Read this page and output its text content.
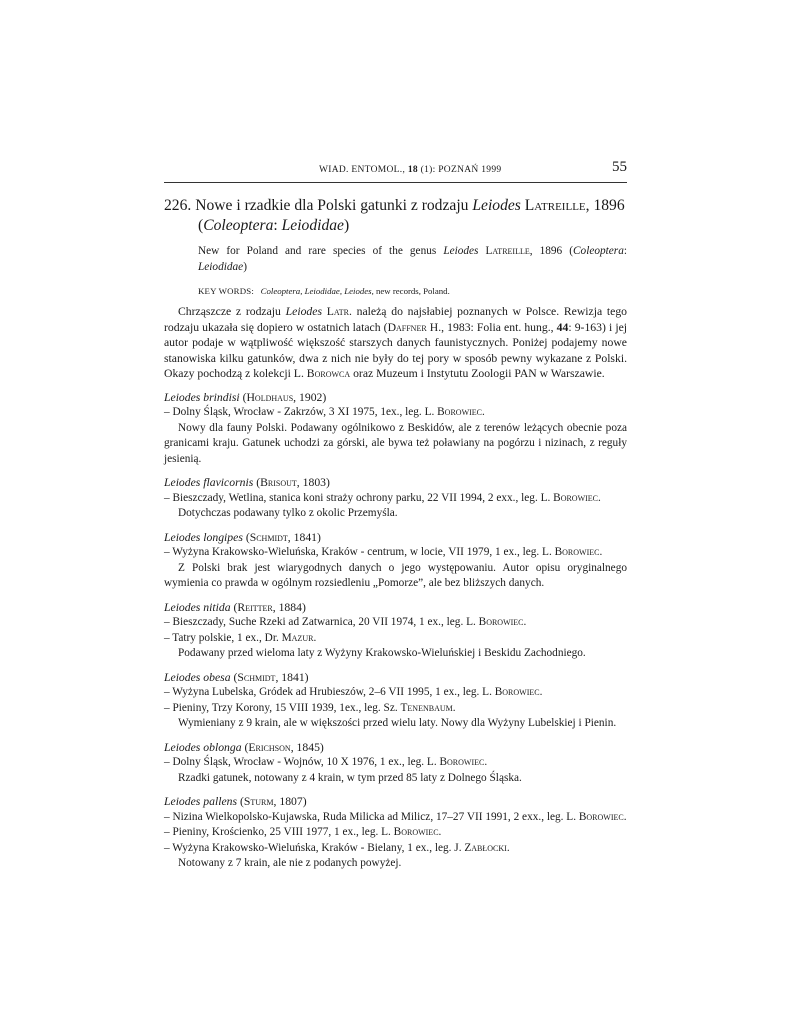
WIAD. ENTOMOL., 18 (1): POZNAŃ 1999	55
226. Nowe i rzadkie dla Polski gatunki z rodzaju Leiodes Latreille, 1896 (Coleoptera: Leiodidae)
New for Poland and rare species of the genus Leiodes Latreille, 1896 (Coleoptera: Leiodidae)
KEY WORDS: Coleoptera, Leiodidae, Leiodes, new records, Poland.
Chrząszcze z rodzaju Leiodes Latr. należą do najsłabiej poznanych w Polsce. Rewizja tego rodzaju ukazała się dopiero w ostatnich latach (Daffner H., 1983: Folia ent. hung., 44: 9-163) i jej autor podaje w wątpliwość większość starszych danych faunistycznych. Poniżej podajemy nowe stanowiska kilku gatunków, dwa z nich nie były do tej pory w sposób pewny wykazane z Polski. Okazy pochodzą z kolekcji L. Borowca oraz Muzeum i Instytutu Zoologii PAN w Warszawie.
Leiodes brindisi (Holdhaus, 1902)
– Dolny Śląsk, Wrocław - Zakrzów, 3 XI 1975, 1ex., leg. L. Borowiec.
Nowy dla fauny Polski. Podawany ogólnikowo z Beskidów, ale z terenów leżących obecnie poza granicami kraju. Gatunek uchodzi za górski, ale bywa też poławiany na pogórzu i nizinach, z reguły jesienią.
Leiodes flavicornis (Brisout, 1803)
– Bieszczady, Wetlina, stanica koni straży ochrony parku, 22 VII 1994, 2 exx., leg. L. Borowiec.
Dotychczas podawany tylko z okolic Przemyśla.
Leiodes longipes (Schmidt, 1841)
– Wyżyna Krakowsko-Wieluńska, Kraków - centrum, w locie, VII 1979, 1 ex., leg. L. Borowiec.
Z Polski brak jest wiarygodnych danych o jego występowaniu. Autor opisu oryginalnego wymienia co prawda w ogólnym rozsiedleniu „Pomorze”, ale bez bliższych danych.
Leiodes nitida (Reitter, 1884)
– Bieszczady, Suche Rzeki ad Zatwarnica, 20 VII 1974, 1 ex., leg. L. Borowiec.
– Tatry polskie, 1 ex., Dr. Mazur.
Podawany przed wieloma laty z Wyżyny Krakowsko-Wieluńskiej i Beskidu Zachodniego.
Leiodes obesa (Schmidt, 1841)
– Wyżyna Lubelska, Gródek ad Hrubieszów, 2–6 VII 1995, 1 ex., leg. L. Borowiec.
– Pieniny, Trzy Korony, 15 VIII 1939, 1ex., leg. Sz. Tenenbaum.
Wymieniany z 9 krain, ale w większości przed wielu laty. Nowy dla Wyżyny Lubelskiej i Pienin.
Leiodes oblonga (Erichson, 1845)
– Dolny Śląsk, Wrocław - Wojnów, 10 X 1976, 1 ex., leg. L. Borowiec.
Rzadki gatunek, notowany z 4 krain, w tym przed 85 laty z Dolnego Śląska.
Leiodes pallens (Sturm, 1807)
– Nizina Wielkopolsko-Kujawska, Ruda Milicka ad Milicz, 17–27 VII 1991, 2 exx., leg. L. Borowiec.
– Pieniny, Krościenko, 25 VIII 1977, 1 ex., leg. L. Borowiec.
– Wyżyna Krakowsko-Wieluńska, Kraków - Bielany, 1 ex., leg. J. Zabłocki.
Notowany z 7 krain, ale nie z podanych powyżej.
